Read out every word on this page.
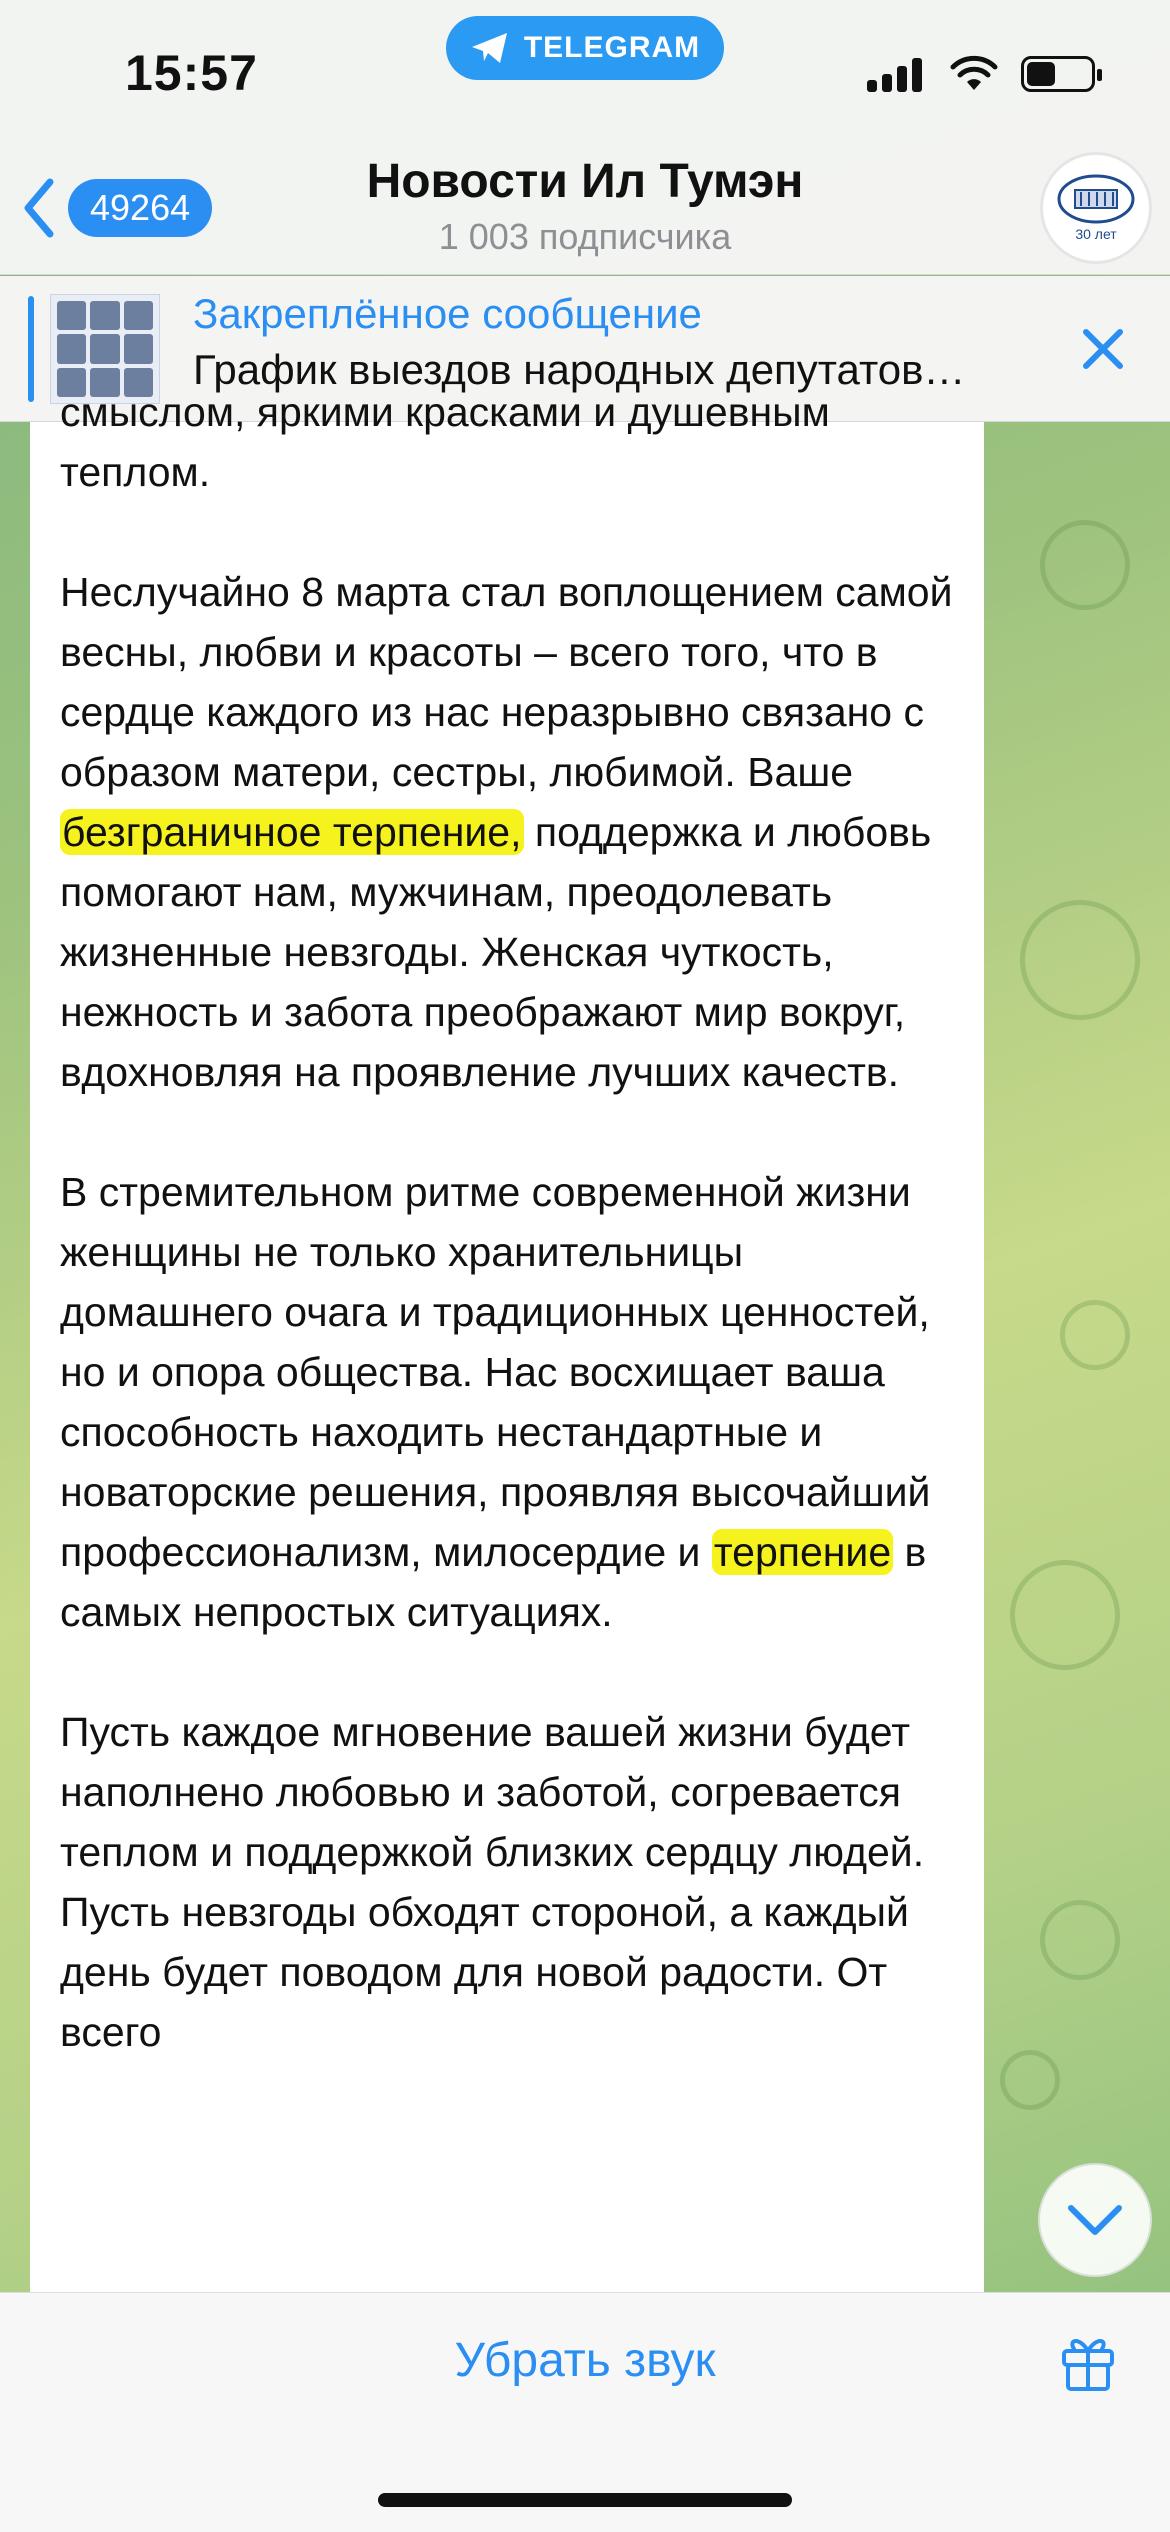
15:57	TELEGRAM
49264	Новости Ил Тумэн
1 003 подписчика	30 лет
Закреплённое сообщение
График выездов народных депутатов…

смыслом, яркими красками и душевным теплом.

Неслучайно 8 марта стал воплощением самой весны, любви и красоты – всего того, что в сердце каждого из нас неразрывно связано с образом матери, сестры, любимой. Ваше безграничное терпение, поддержка и любовь помогают нам, мужчинам, преодолевать жизненные невзгоды. Женская чуткость, нежность и забота преображают мир вокруг, вдохновляя на проявление лучших качеств.

В стремительном ритме современной жизни женщины не только хранительницы домашнего очага и традиционных ценностей, но и опора общества. Нас восхищает ваша способность находить нестандартные и новаторские решения, проявляя высочайший профессионализм, милосердие и терпение в самых непростых ситуациях.

Пусть каждое мгновение вашей жизни будет наполнено любовью и заботой, согревается теплом и поддержкой близких сердцу людей. Пусть невзгоды обходят стороной, а каждый день будет поводом для новой радости. От всего

Убрать звук
